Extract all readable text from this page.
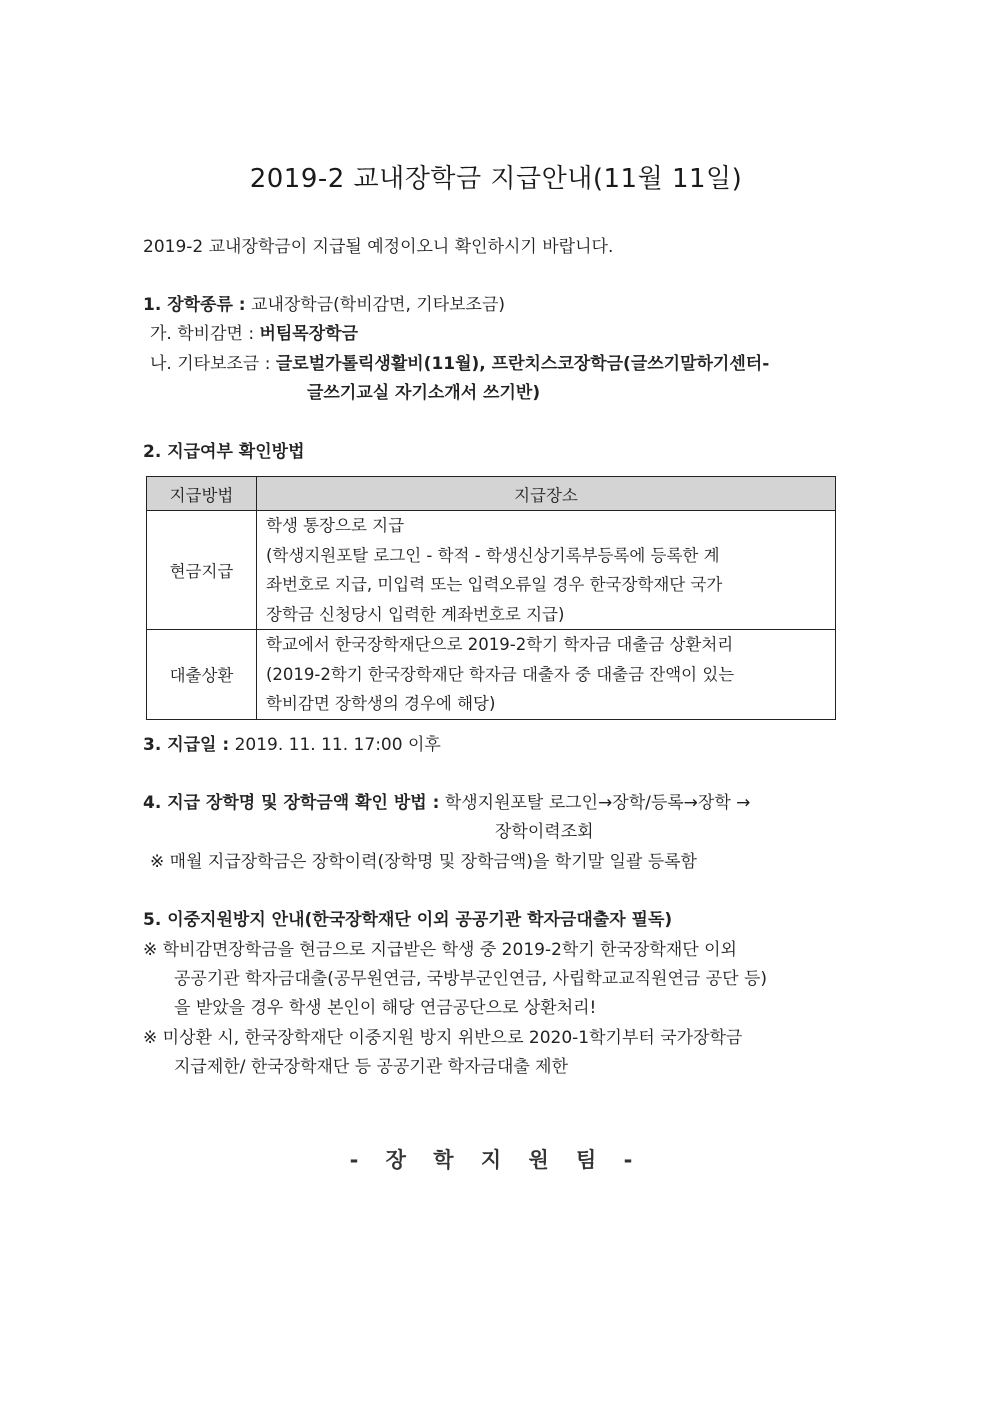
2019-2 교내장학금 지급안내(11월 11일)
2019-2 교내장학금이 지급될 예정이오니 확인하시기 바랍니다.
1. 장학종류 : 교내장학금(학비감면, 기타보조금)
가. 학비감면 : 버팀목장학금
나. 기타보조금 : 글로벌가톨릭생활비(11월), 프란치스코장학금(글쓰기말하기센터-
글쓰기교실 자기소개서 쓰기반)
2. 지급여부 확인방법
지급방법	지급장소
현금지급	학생 통장으로 지급
(학생지원포탈 로그인 - 학적 - 학생신상기록부등록에 등록한 계
좌번호로 지급, 미입력 또는 입력오류일 경우 한국장학재단 국가
장학금 신청당시 입력한 계좌번호로 지급)

대출상환	학교에서 한국장학재단으로 2019-2학기 학자금 대출금 상환처리
(2019-2학기 한국장학재단 학자금 대출자 중 대출금 잔액이 있는
학비감면 장학생의 경우에 해당)
3. 지급일 : 2019. 11. 11. 17:00 이후
4. 지급 장학명 및 장학금액 확인 방법 : 학생지원포탈 로그인→장학/등록→장학 →
장학이력조회
※ 매월 지급장학금은 장학이력(장학명 및 장학금액)을 학기말 일괄 등록함
5. 이중지원방지 안내(한국장학재단 이외 공공기관 학자금대출자 필독)
※ 학비감면장학금을 현금으로 지급받은 학생 중 2019-2학기 한국장학재단 이외
공공기관 학자금대출(공무원연금, 국방부군인연금, 사립학교교직원연금 공단 등)
을 받았을 경우 학생 본인이 해당 연금공단으로 상환처리!
※ 미상환 시, 한국장학재단 이중지원 방지 위반으로 2020-1학기부터 국가장학금
지급제한/ 한국장학재단 등 공공기관 학자금대출 제한
- 장 학 지 원 팀 -
